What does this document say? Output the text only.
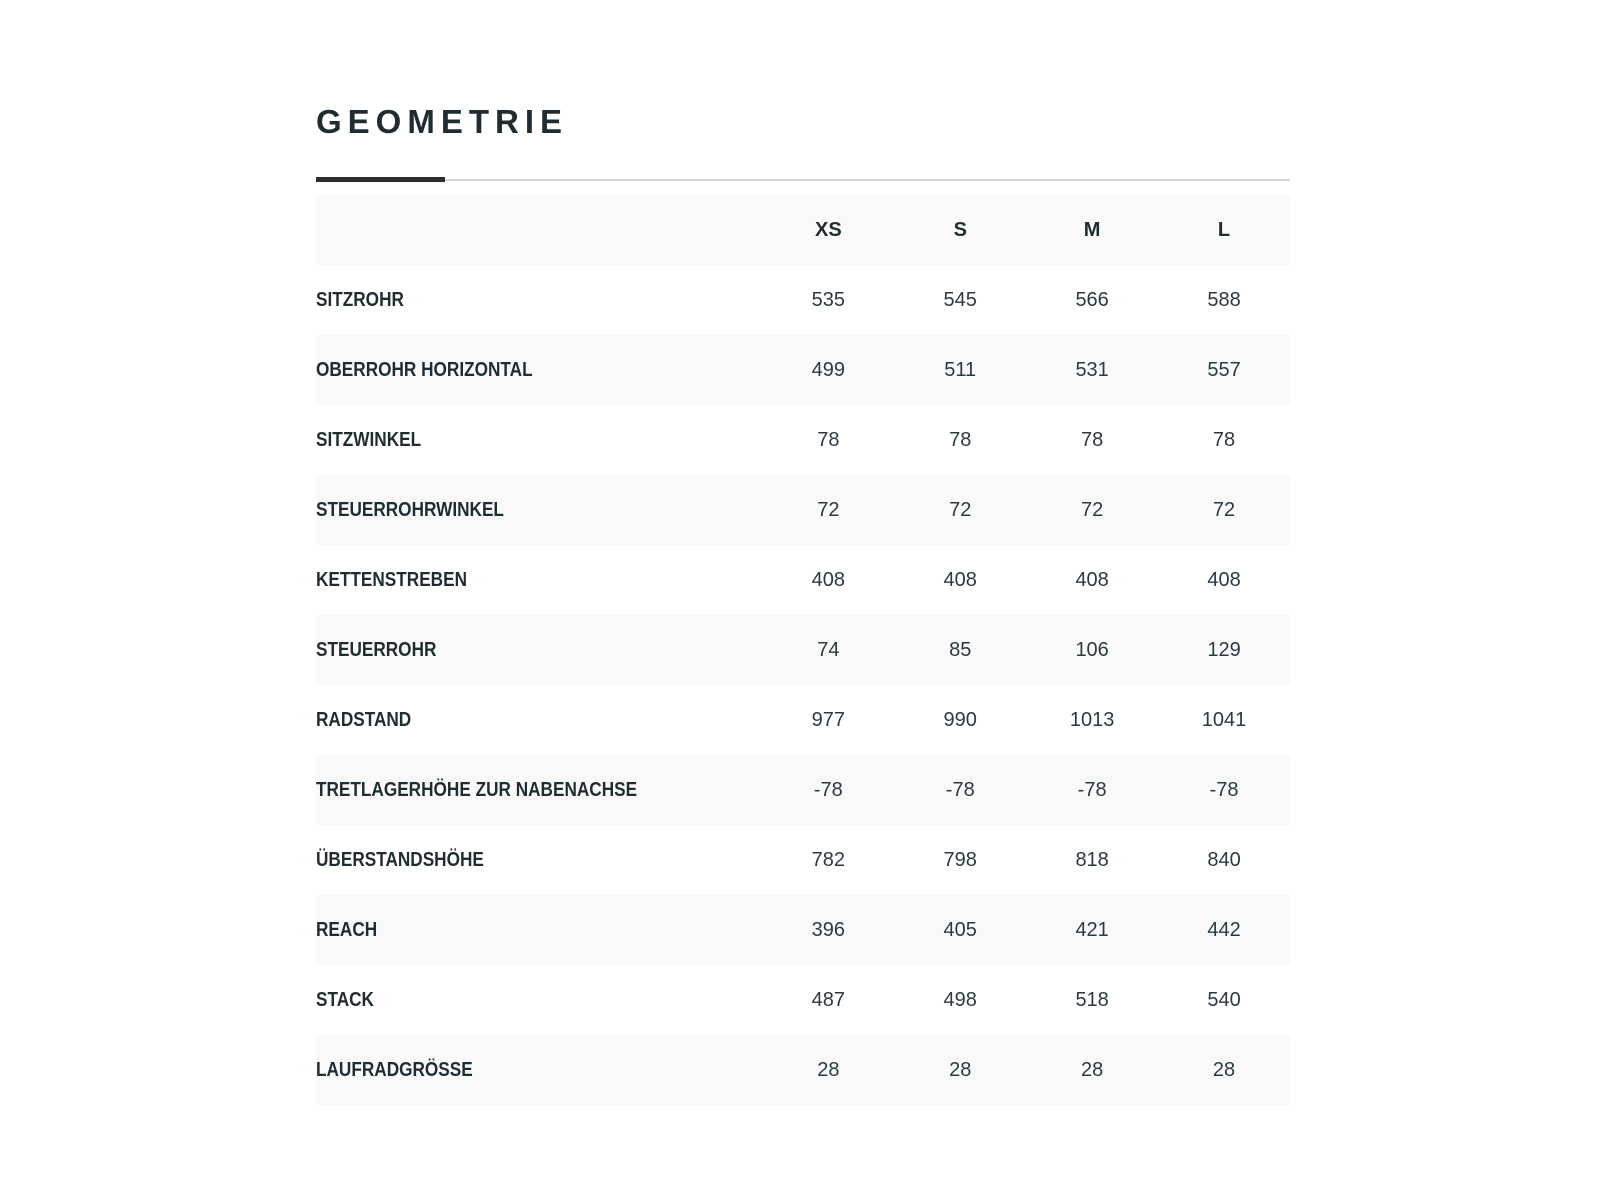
GEOMETRIE
	XS	S	M	L
SITZROHR	535	545	566	588
OBERROHR HORIZONTAL	499	511	531	557
SITZWINKEL	78	78	78	78
STEUERROHRWINKEL	72	72	72	72
KETTENSTREBEN	408	408	408	408
STEUERROHR	74	85	106	129
RADSTAND	977	990	1013	1041
TRETLAGERHÖHE ZUR NABENACHSE	-78	-78	-78	-78
ÜBERSTANDSHÖHE	782	798	818	840
REACH	396	405	421	442
STACK	487	498	518	540
LAUFRADGRÖSSE	28	28	28	28
